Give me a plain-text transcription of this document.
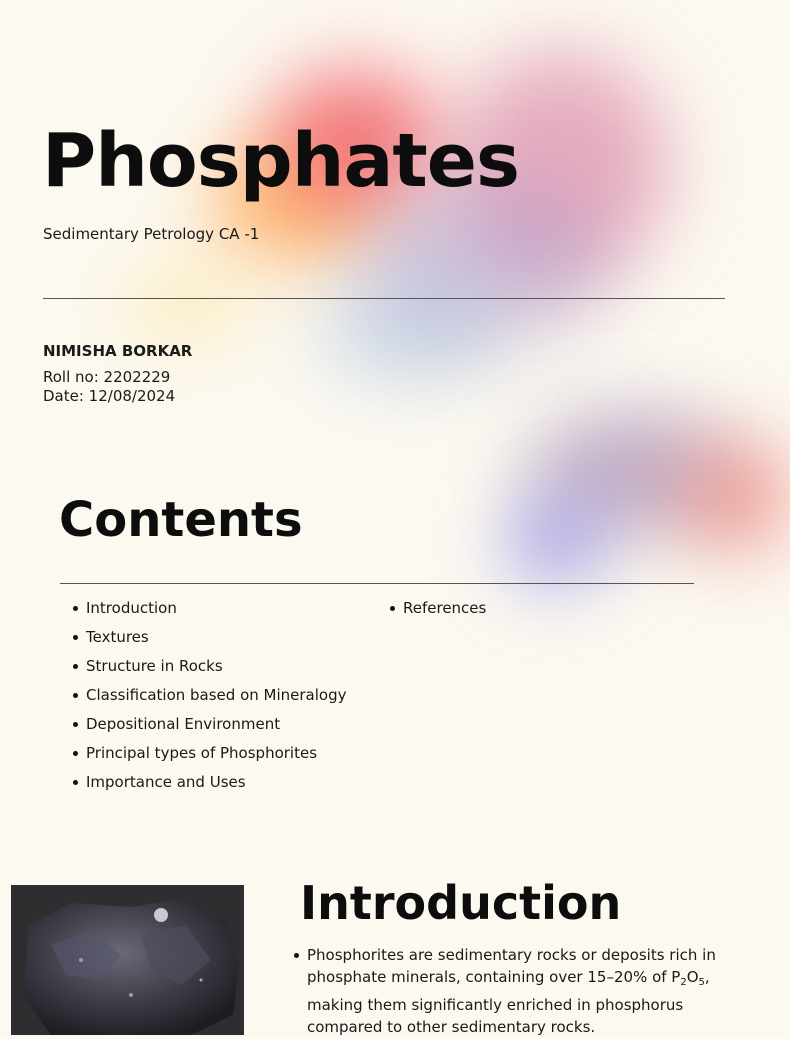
Phosphates
Sedimentary Petrology CA -1
NIMISHA BORKAR
Roll no: 2202229
Date: 12/08/2024
Contents
Introduction
Textures
Structure in Rocks
Classification based on Mineralogy
Depositional Environment
Principal types of Phosphorites
Importance and Uses
References
Introduction
Phosphorites are sedimentary rocks or deposits rich in phosphate minerals, containing over 15–20% of $P_2O_5$, making them significantly enriched in phosphorus compared to other sedimentary rocks.
